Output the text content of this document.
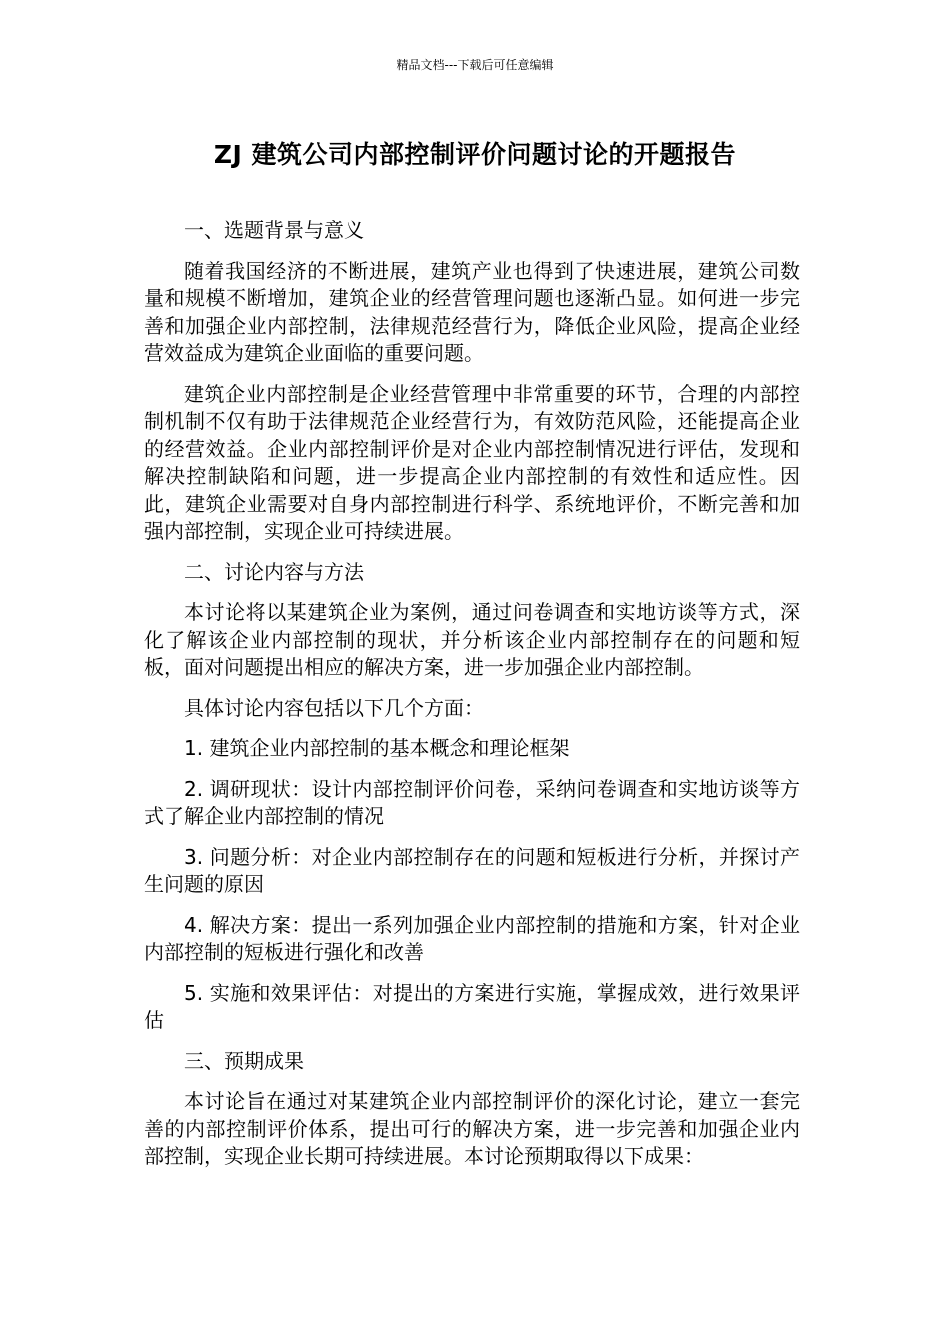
精品文档---下载后可任意编辑
ZJ 建筑公司内部控制评价问题讨论的开题报告
一、选题背景与意义
随着我国经济的不断进展，建筑产业也得到了快速进展，建筑公司数量和规模不断增加，建筑企业的经营管理问题也逐渐凸显。如何进一步完善和加强企业内部控制，法律规范经营行为，降低企业风险，提高企业经营效益成为建筑企业面临的重要问题。
建筑企业内部控制是企业经营管理中非常重要的环节，合理的内部控制机制不仅有助于法律规范企业经营行为，有效防范风险，还能提高企业的经营效益。企业内部控制评价是对企业内部控制情况进行评估，发现和解决控制缺陷和问题，进一步提高企业内部控制的有效性和适应性。因此，建筑企业需要对自身内部控制进行科学、系统地评价，不断完善和加强内部控制，实现企业可持续进展。
二、讨论内容与方法
本讨论将以某建筑企业为案例，通过问卷调查和实地访谈等方式，深化了解该企业内部控制的现状，并分析该企业内部控制存在的问题和短板，面对问题提出相应的解决方案，进一步加强企业内部控制。
具体讨论内容包括以下几个方面：
1. 建筑企业内部控制的基本概念和理论框架
2. 调研现状：设计内部控制评价问卷，采纳问卷调查和实地访谈等方式了解企业内部控制的情况
3. 问题分析：对企业内部控制存在的问题和短板进行分析，并探讨产生问题的原因
4. 解决方案：提出一系列加强企业内部控制的措施和方案，针对企业内部控制的短板进行强化和改善
5. 实施和效果评估：对提出的方案进行实施，掌握成效，进行效果评估
三、预期成果
本讨论旨在通过对某建筑企业内部控制评价的深化讨论，建立一套完善的内部控制评价体系，提出可行的解决方案，进一步完善和加强企业内部控制，实现企业长期可持续进展。本讨论预期取得以下成果：
